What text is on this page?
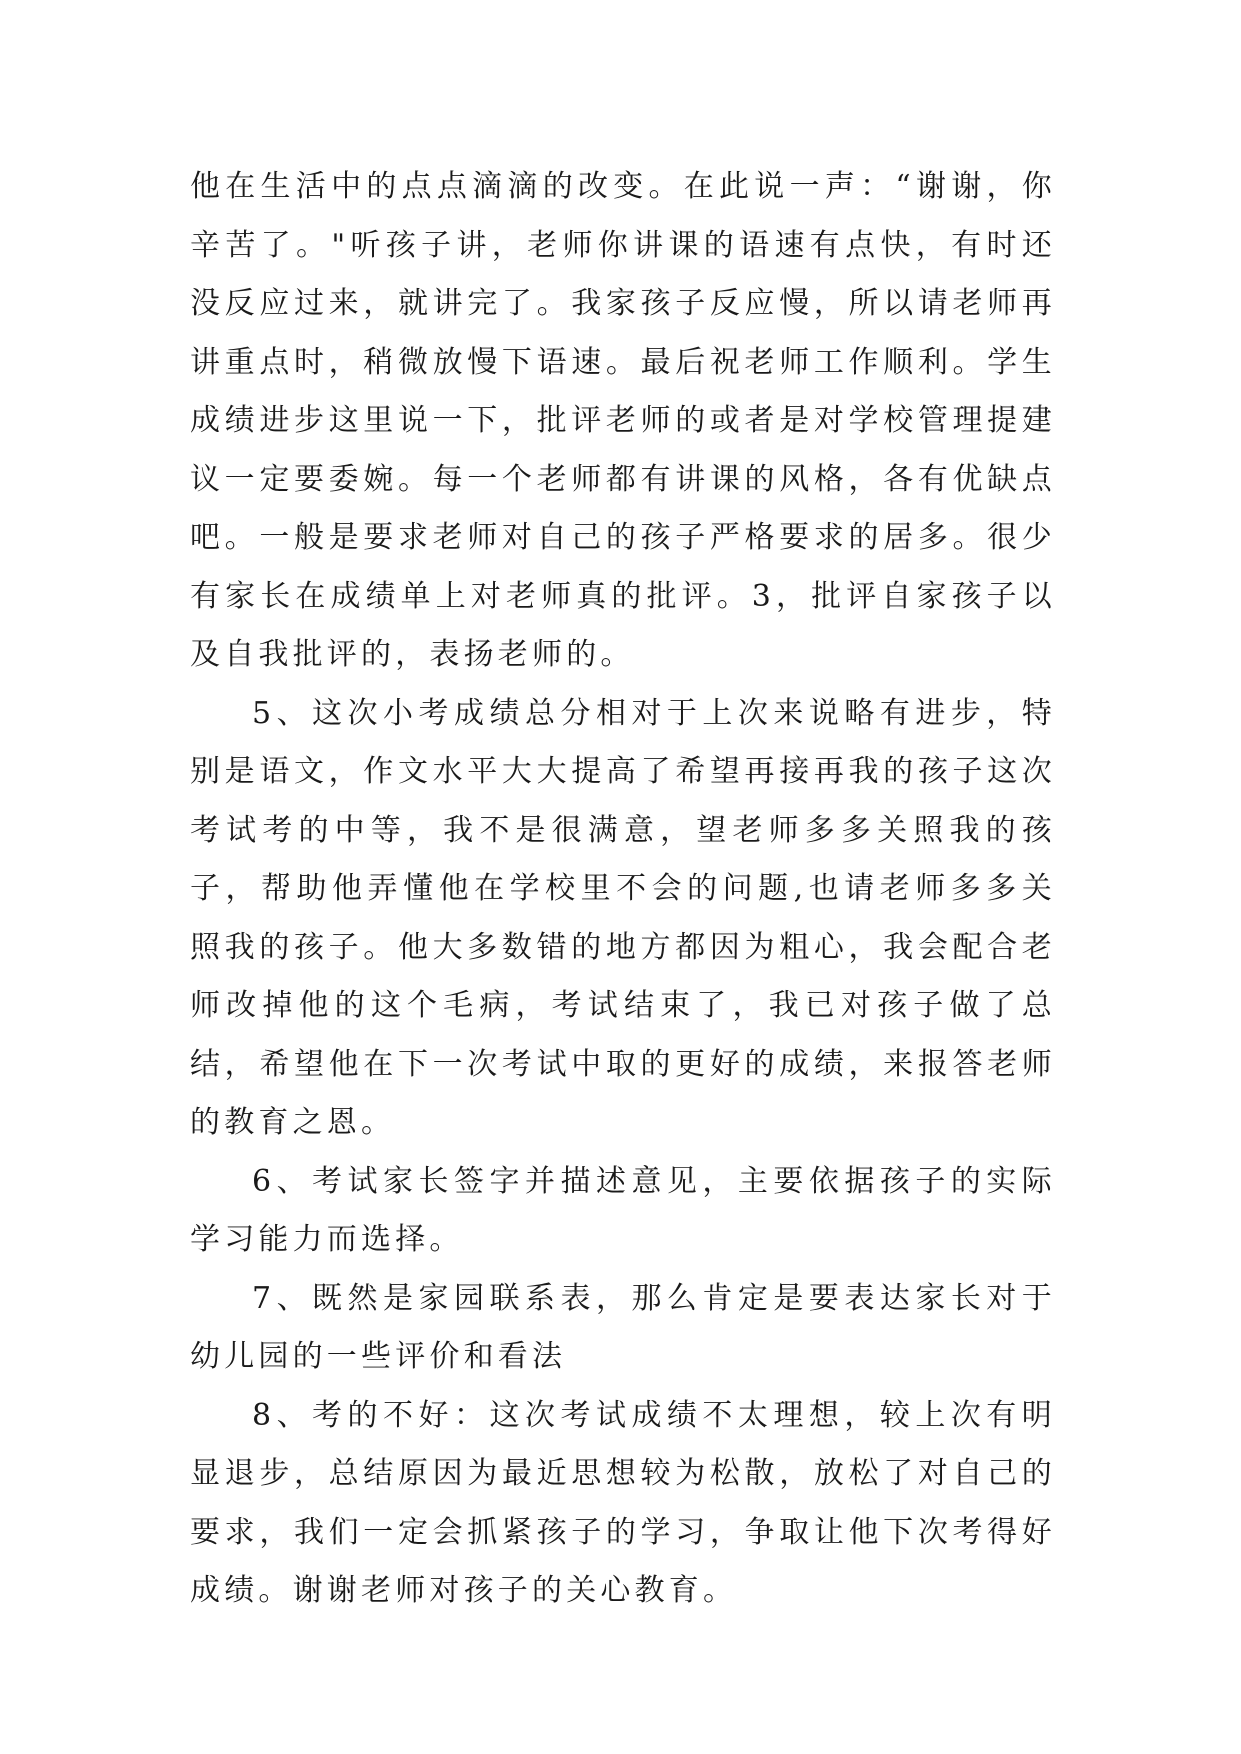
他在生活中的点点滴滴的改变。在此说一声：“谢谢，你辛苦了。"听孩子讲，老师你讲课的语速有点快，有时还没反应过来，就讲完了。我家孩子反应慢，所以请老师再讲重点时，稍微放慢下语速。最后祝老师工作顺利。学生成绩进步这里说一下，批评老师的或者是对学校管理提建议一定要委婉。每一个老师都有讲课的风格，各有优缺点吧。一般是要求老师对自己的孩子严格要求的居多。很少有家长在成绩单上对老师真的批评。3，批评自家孩子以及自我批评的，表扬老师的。

5、这次小考成绩总分相对于上次来说略有进步，特别是语文，作文水平大大提高了希望再接再我的孩子这次考试考的中等，我不是很满意，望老师多多关照我的孩子，帮助他弄懂他在学校里不会的问题,也请老师多多关照我的孩子。他大多数错的地方都因为粗心，我会配合老师改掉他的这个毛病，考试结束了，我已对孩子做了总结，希望他在下一次考试中取的更好的成绩，来报答老师的教育之恩。

6、考试家长签字并描述意见，主要依据孩子的实际学习能力而选择。

7、既然是家园联系表，那么肯定是要表达家长对于幼儿园的一些评价和看法

8、考的不好：这次考试成绩不太理想，较上次有明显退步，总结原因为最近思想较为松散，放松了对自己的要求，我们一定会抓紧孩子的学习，争取让他下次考得好成绩。谢谢老师对孩子的关心教育。
